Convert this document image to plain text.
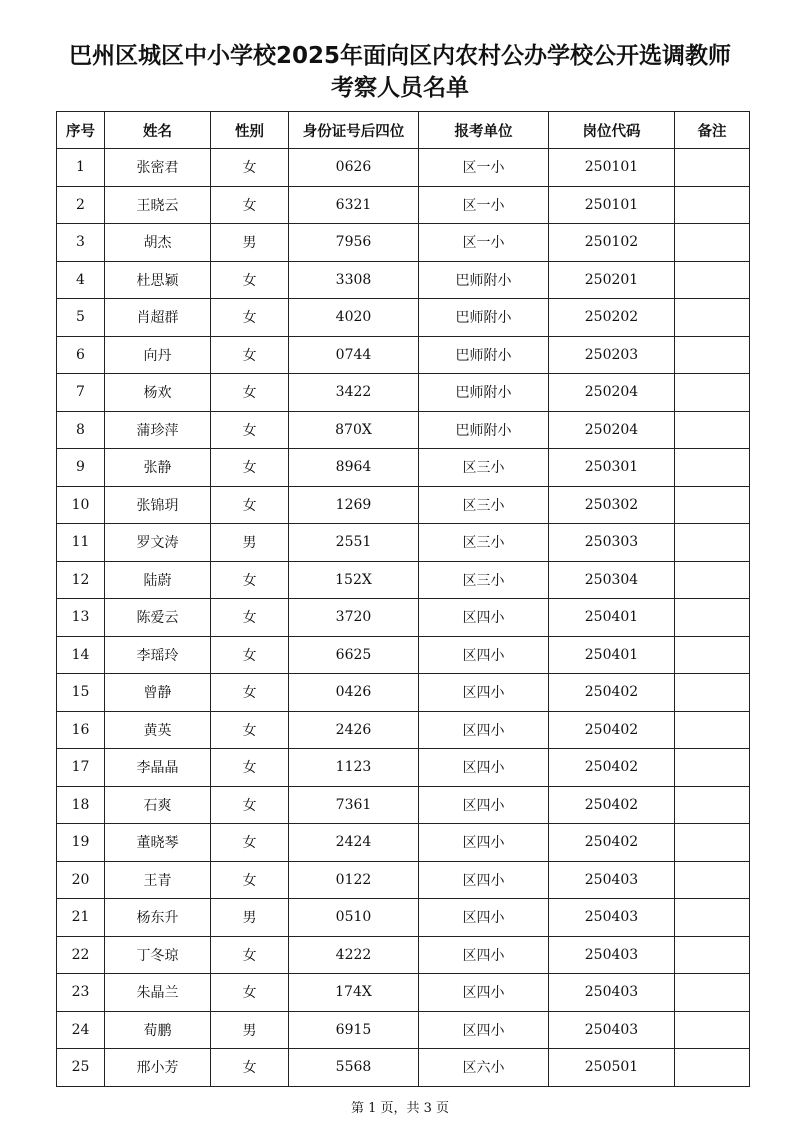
巴州区城区中小学校2025年面向区内农村公办学校公开选调教师
考察人员名单
序号	姓名	性别	身份证号后四位	报考单位	岗位代码	备注
1	张密君	女	0626	区一小	250101	
2	王晓云	女	6321	区一小	250101	
3	胡杰	男	7956	区一小	250102	
4	杜思颖	女	3308	巴师附小	250201	
5	肖超群	女	4020	巴师附小	250202	
6	向丹	女	0744	巴师附小	250203	
7	杨欢	女	3422	巴师附小	250204	
8	蒲珍萍	女	870X	巴师附小	250204	
9	张静	女	8964	区三小	250301	
10	张锦玥	女	1269	区三小	250302	
11	罗文涛	男	2551	区三小	250303	
12	陆蔚	女	152X	区三小	250304	
13	陈爱云	女	3720	区四小	250401	
14	李瑶玲	女	6625	区四小	250401	
15	曾静	女	0426	区四小	250402	
16	黄英	女	2426	区四小	250402	
17	李晶晶	女	1123	区四小	250402	
18	石爽	女	7361	区四小	250402	
19	董晓琴	女	2424	区四小	250402	
20	王青	女	0122	区四小	250403	
21	杨东升	男	0510	区四小	250403	
22	丁冬琼	女	4222	区四小	250403	
23	朱晶兰	女	174X	区四小	250403	
24	荀鹏	男	6915	区四小	250403	
25	邢小芳	女	5568	区六小	250501	
第 1 页，共 3 页
